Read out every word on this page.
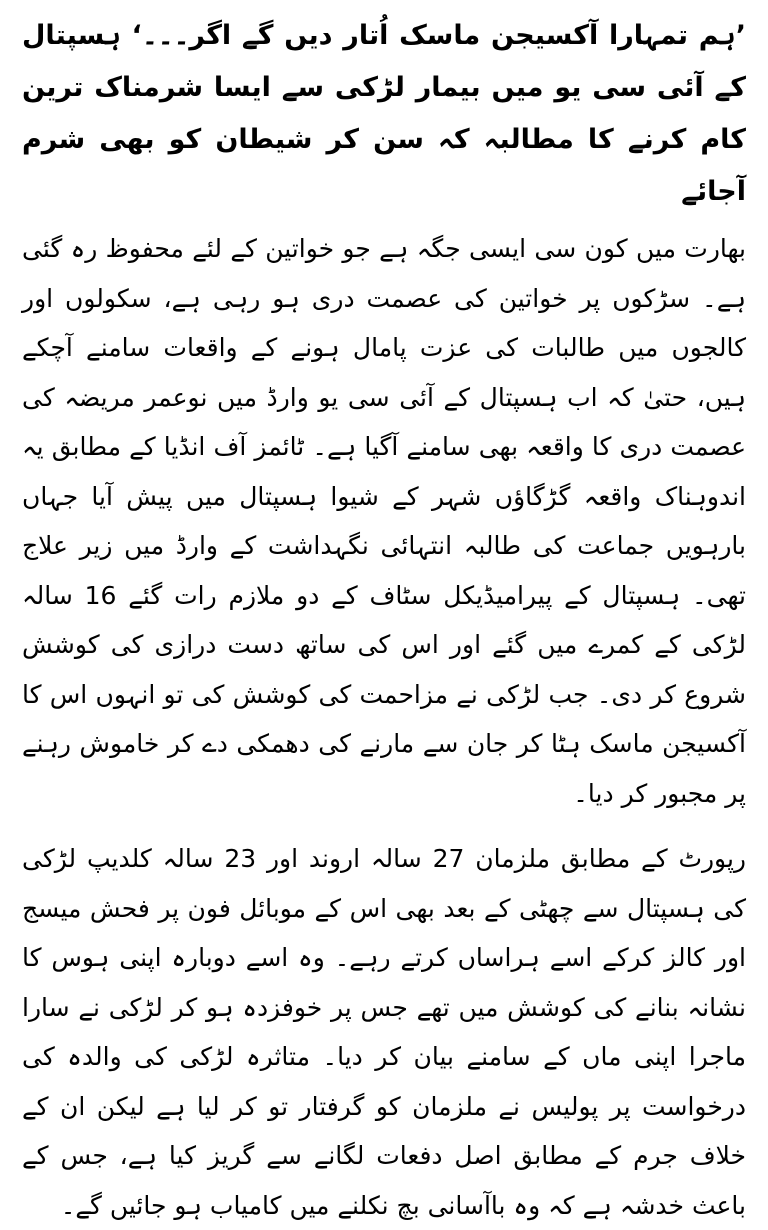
’ہم تمہارا آکسیجن ماسک اُتار دیں گے اگر۔۔۔‘ ہسپتال کے آئی سی یو میں بیمار لڑکی سے ایسا شرمناک ترین کام کرنے کا مطالبہ کہ سن کر شیطان کو بھی شرم آجائے

بھارت میں کون سی ایسی جگہ ہے جو خواتین کے لئے محفوظ رہ گئی ہے۔ سڑکوں پر خواتین کی عصمت دری ہو رہی ہے، سکولوں اور کالجوں میں طالبات کی عزت پامال ہونے کے واقعات سامنے آچکے ہیں، حتیٰ کہ اب ہسپتال کے آئی سی یو وارڈ میں نوعمر مریضہ کی عصمت دری کا واقعہ بھی سامنے آگیا ہے۔ ٹائمز آف انڈیا کے مطابق یہ اندوہناک واقعہ گڑگاؤں شہر کے شیوا ہسپتال میں پیش آیا جہاں بارہویں جماعت کی طالبہ انتہائی نگہداشت کے وارڈ میں زیر علاج تھی۔ ہسپتال کے پیرامیڈیکل سٹاف کے دو ملازم رات گئے 16 سالہ لڑکی کے کمرے میں گئے اور اس کی ساتھ دست درازی کی کوشش شروع کر دی۔ جب لڑکی نے مزاحمت کی کوشش کی تو انہوں اس کا آکسیجن ماسک ہٹا کر جان سے مارنے کی دھمکی دے کر خاموش رہنے پر مجبور کر دیا۔

رپورٹ کے مطابق ملزمان 27 سالہ اروند اور 23 سالہ کلدیپ لڑکی کی ہسپتال سے چھٹی کے بعد بھی اس کے موبائل فون پر فحش میسج اور کالز کرکے اسے ہراساں کرتے رہے۔ وہ اسے دوبارہ اپنی ہوس کا نشانہ بنانے کی کوشش میں تھے جس پر خوفزدہ ہو کر لڑکی نے سارا ماجرا اپنی ماں کے سامنے بیان کر دیا۔ متاثرہ لڑکی کی والدہ کی درخواست پر پولیس نے ملزمان کو گرفتار تو کر لیا ہے لیکن ان کے خلاف جرم کے مطابق اصل دفعات لگانے سے گریز کیا ہے، جس کے باعث خدشہ ہے کہ وہ باآسانی بچ نکلنے میں کامیاب ہو جائیں گے۔
